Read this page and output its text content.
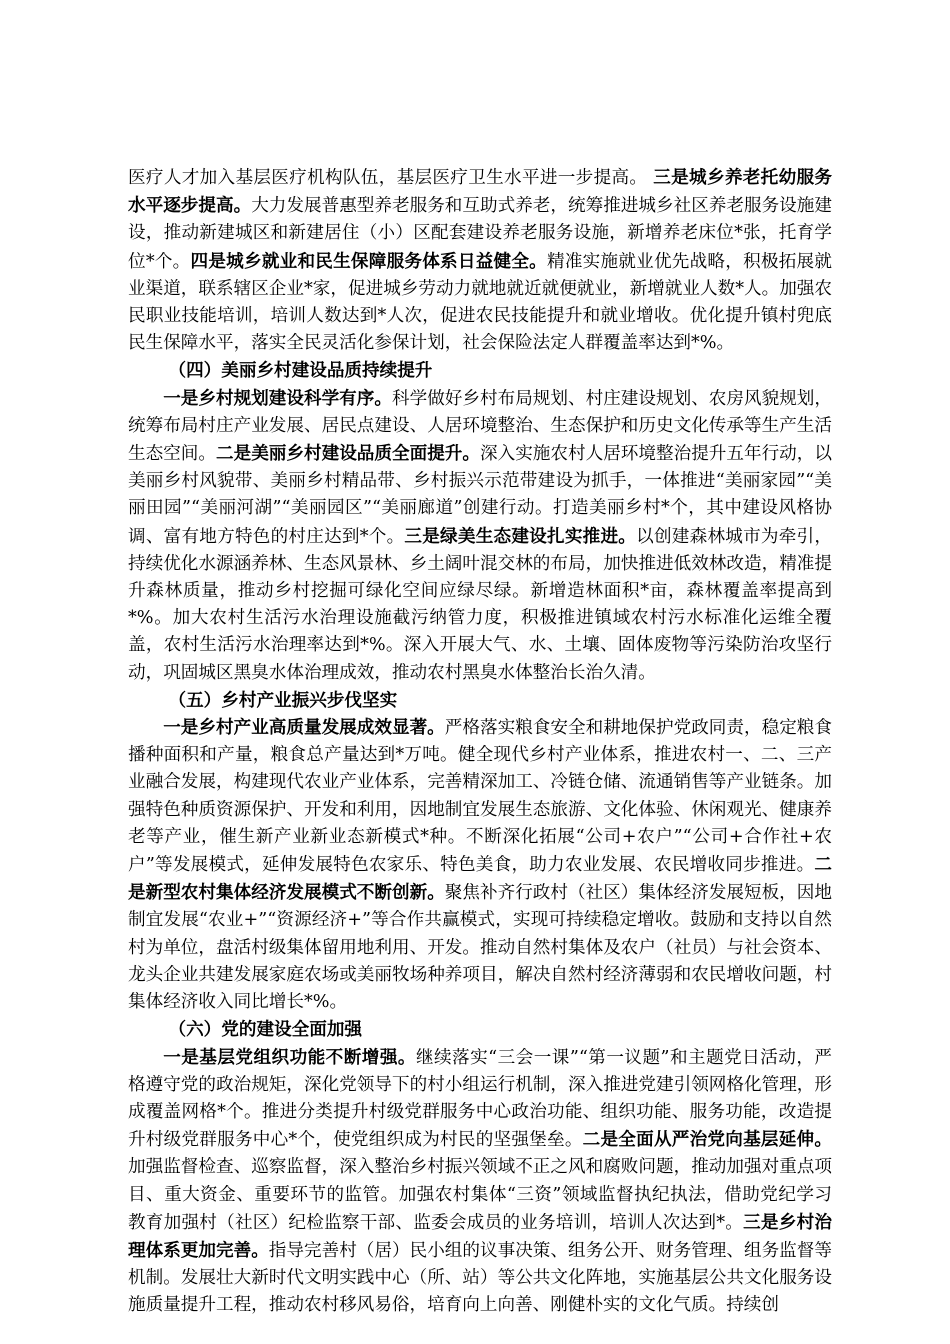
医疗人才加入基层医疗机构队伍，基层医疗卫生水平进一步提高。 三是城乡养老托幼服务水平逐步提高。大力发展普惠型养老服务和互助式养老，统筹推进城乡社区养老服务设施建设，推动新建城区和新建居住（小）区配套建设养老服务设施，新增养老床位*张，托育学位*个。四是城乡就业和民生保障服务体系日益健全。精准实施就业优先战略，积极拓展就业渠道，联系辖区企业*家，促进城乡劳动力就地就近就便就业，新增就业人数*人。加强农民职业技能培训，培训人数达到*人次，促进农民技能提升和就业增收。优化提升镇村兜底民生保障水平，落实全民灵活化参保计划，社会保险法定人群覆盖率达到*%。

（四）美丽乡村建设品质持续提升

一是乡村规划建设科学有序。科学做好乡村布局规划、村庄建设规划、农房风貌规划，统筹布局村庄产业发展、居民点建设、人居环境整治、生态保护和历史文化传承等生产生活生态空间。二是美丽乡村建设品质全面提升。深入实施农村人居环境整治提升五年行动，以美丽乡村风貌带、美丽乡村精品带、乡村振兴示范带建设为抓手，一体推进“美丽家园”“美丽田园”“美丽河湖”“美丽园区”“美丽廊道”创建行动。打造美丽乡村*个，其中建设风格协调、富有地方特色的村庄达到*个。三是绿美生态建设扎实推进。以创建森林城市为牵引，持续优化水源涵养林、生态风景林、乡土阔叶混交林的布局，加快推进低效林改造，精准提升森林质量，推动乡村挖掘可绿化空间应绿尽绿。新增造林面积*亩，森林覆盖率提高到*%。加大农村生活污水治理设施截污纳管力度，积极推进镇域农村污水标准化运维全覆盖，农村生活污水治理率达到*%。深入开展大气、水、土壤、固体废物等污染防治攻坚行动，巩固城区黑臭水体治理成效，推动农村黑臭水体整治长治久清。

（五）乡村产业振兴步伐坚实

一是乡村产业高质量发展成效显著。严格落实粮食安全和耕地保护党政同责，稳定粮食播种面积和产量，粮食总产量达到*万吨。健全现代乡村产业体系，推进农村一、二、三产业融合发展，构建现代农业产业体系，完善精深加工、冷链仓储、流通销售等产业链条。加强特色种质资源保护、开发和利用，因地制宜发展生态旅游、文化体验、休闲观光、健康养老等产业，催生新产业新业态新模式*种。不断深化拓展“公司+农户”“公司+合作社+农户”等发展模式，延伸发展特色农家乐、特色美食，助力农业发展、农民增收同步推进。二是新型农村集体经济发展模式不断创新。聚焦补齐行政村（社区）集体经济发展短板，因地制宜发展“农业+”“资源经济+”等合作共赢模式，实现可持续稳定增收。鼓励和支持以自然村为单位，盘活村级集体留用地利用、开发。推动自然村集体及农户（社员）与社会资本、龙头企业共建发展家庭农场或美丽牧场种养项目，解决自然村经济薄弱和农民增收问题，村集体经济收入同比增长*%。

（六）党的建设全面加强

一是基层党组织功能不断增强。继续落实“三会一课”“第一议题”和主题党日活动，严格遵守党的政治规矩，深化党领导下的村小组运行机制，深入推进党建引领网格化管理，形成覆盖网格*个。推进分类提升村级党群服务中心政治功能、组织功能、服务功能，改造提升村级党群服务中心*个，使党组织成为村民的坚强堡垒。二是全面从严治党向基层延伸。加强监督检查、巡察监督，深入整治乡村振兴领域不正之风和腐败问题，推动加强对重点项目、重大资金、重要环节的监管。加强农村集体“三资”领域监督执纪执法，借助党纪学习教育加强村（社区）纪检监察干部、监委会成员的业务培训，培训人次达到*。三是乡村治理体系更加完善。指导完善村（居）民小组的议事决策、组务公开、财务管理、组务监督等机制。发展壮大新时代文明实践中心（所、站）等公共文化阵地，实施基层公共文化服务设施质量提升工程，推动农村移风易俗，培育向上向善、刚健朴实的文化气质。持续创
